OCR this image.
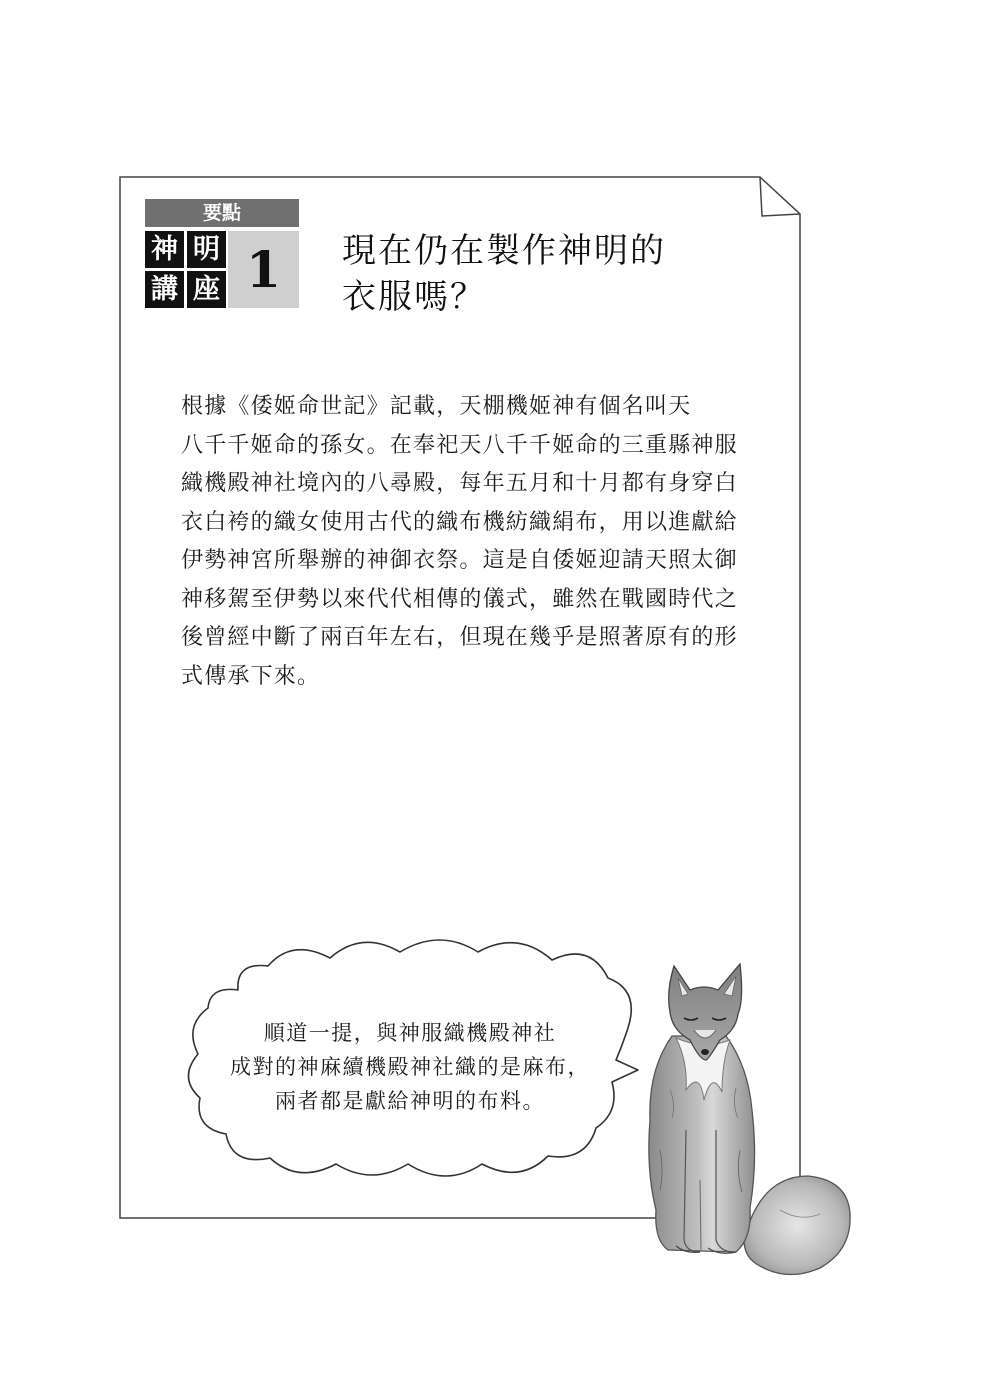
要點
神 明
講 座 1	現在仍在製作神明的
衣服嗎？
根據《倭姬命世記》記載，天棚機姬神有個名叫天
八千千姬命的孫女。在奉祀天八千千姬命的三重縣神服
織機殿神社境內的八尋殿，每年五月和十月都有身穿白
衣白袴的織女使用古代的織布機紡織絹布，用以進獻給
伊勢神宮所舉辦的神御衣祭。這是自倭姬迎請天照太御
神移駕至伊勢以來代代相傳的儀式，雖然在戰國時代之
後曾經中斷了兩百年左右，但現在幾乎是照著原有的形
式傳承下來。
順道一提，與神服織機殿神社
成對的神麻續機殿神社織的是麻布，
兩者都是獻給神明的布料。
